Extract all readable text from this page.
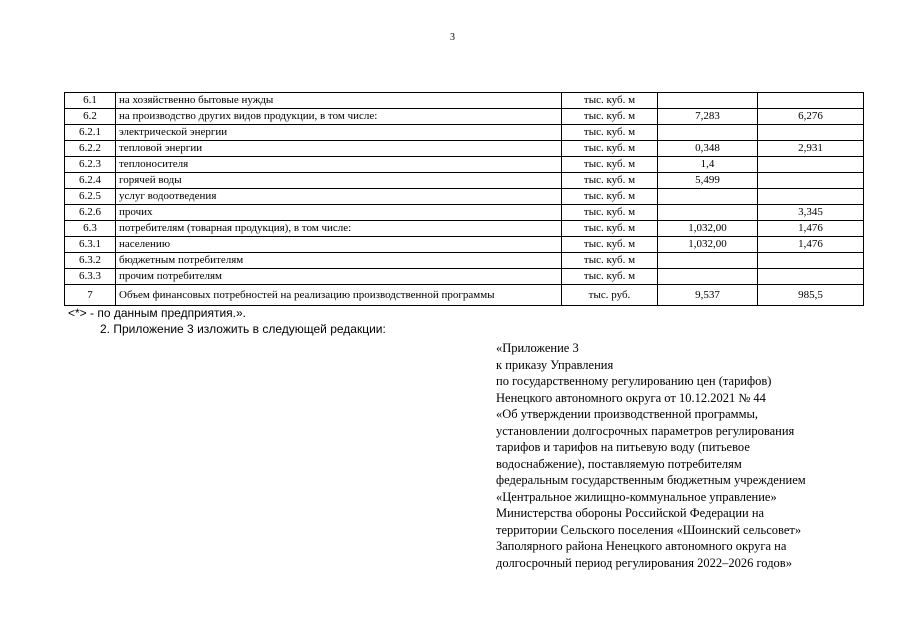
3
6.1	на хозяйственно бытовые нужды	тыс. куб. м		
6.2	на производство других видов продукции, в том числе:	тыс. куб. м	7,283	6,276
6.2.1	электрической энергии	тыс. куб. м		
6.2.2	тепловой энергии	тыс. куб. м	0,348	2,931
6.2.3	теплоносителя	тыс. куб. м	1,4	
6.2.4	горячей воды	тыс. куб. м	5,499	
6.2.5	услуг водоотведения	тыс. куб. м		
6.2.6	прочих	тыс. куб. м		3,345
6.3	потребителям (товарная продукция), в том числе:	тыс. куб. м	1,032,00	1,476
6.3.1	населению	тыс. куб. м	1,032,00	1,476
6.3.2	бюджетным потребителям	тыс. куб. м		
6.3.3	прочим потребителям	тыс. куб. м		
7	Объем финансовых потребностей на реализацию производственной программы	тыс. руб.	9,537	985,5
<*> - по данным предприятия.».
2. Приложение 3 изложить в следующей редакции:
«Приложение 3
к приказу Управления
по государственному регулированию цен (тарифов)
Ненецкого автономного округа от 10.12.2021 № 44
«Об утверждении производственной программы,
установлении долгосрочных параметров регулирования
тарифов и тарифов на питьевую воду (питьевое
водоснабжение), поставляемую потребителям
федеральным государственным бюджетным учреждением
«Центральное жилищно-коммунальное управление»
Министерства обороны Российской Федерации на
территории Сельского поселения «Шоинский сельсовет»
Заполярного района Ненецкого автономного округа на
долгосрочный период регулирования 2022–2026 годов»
